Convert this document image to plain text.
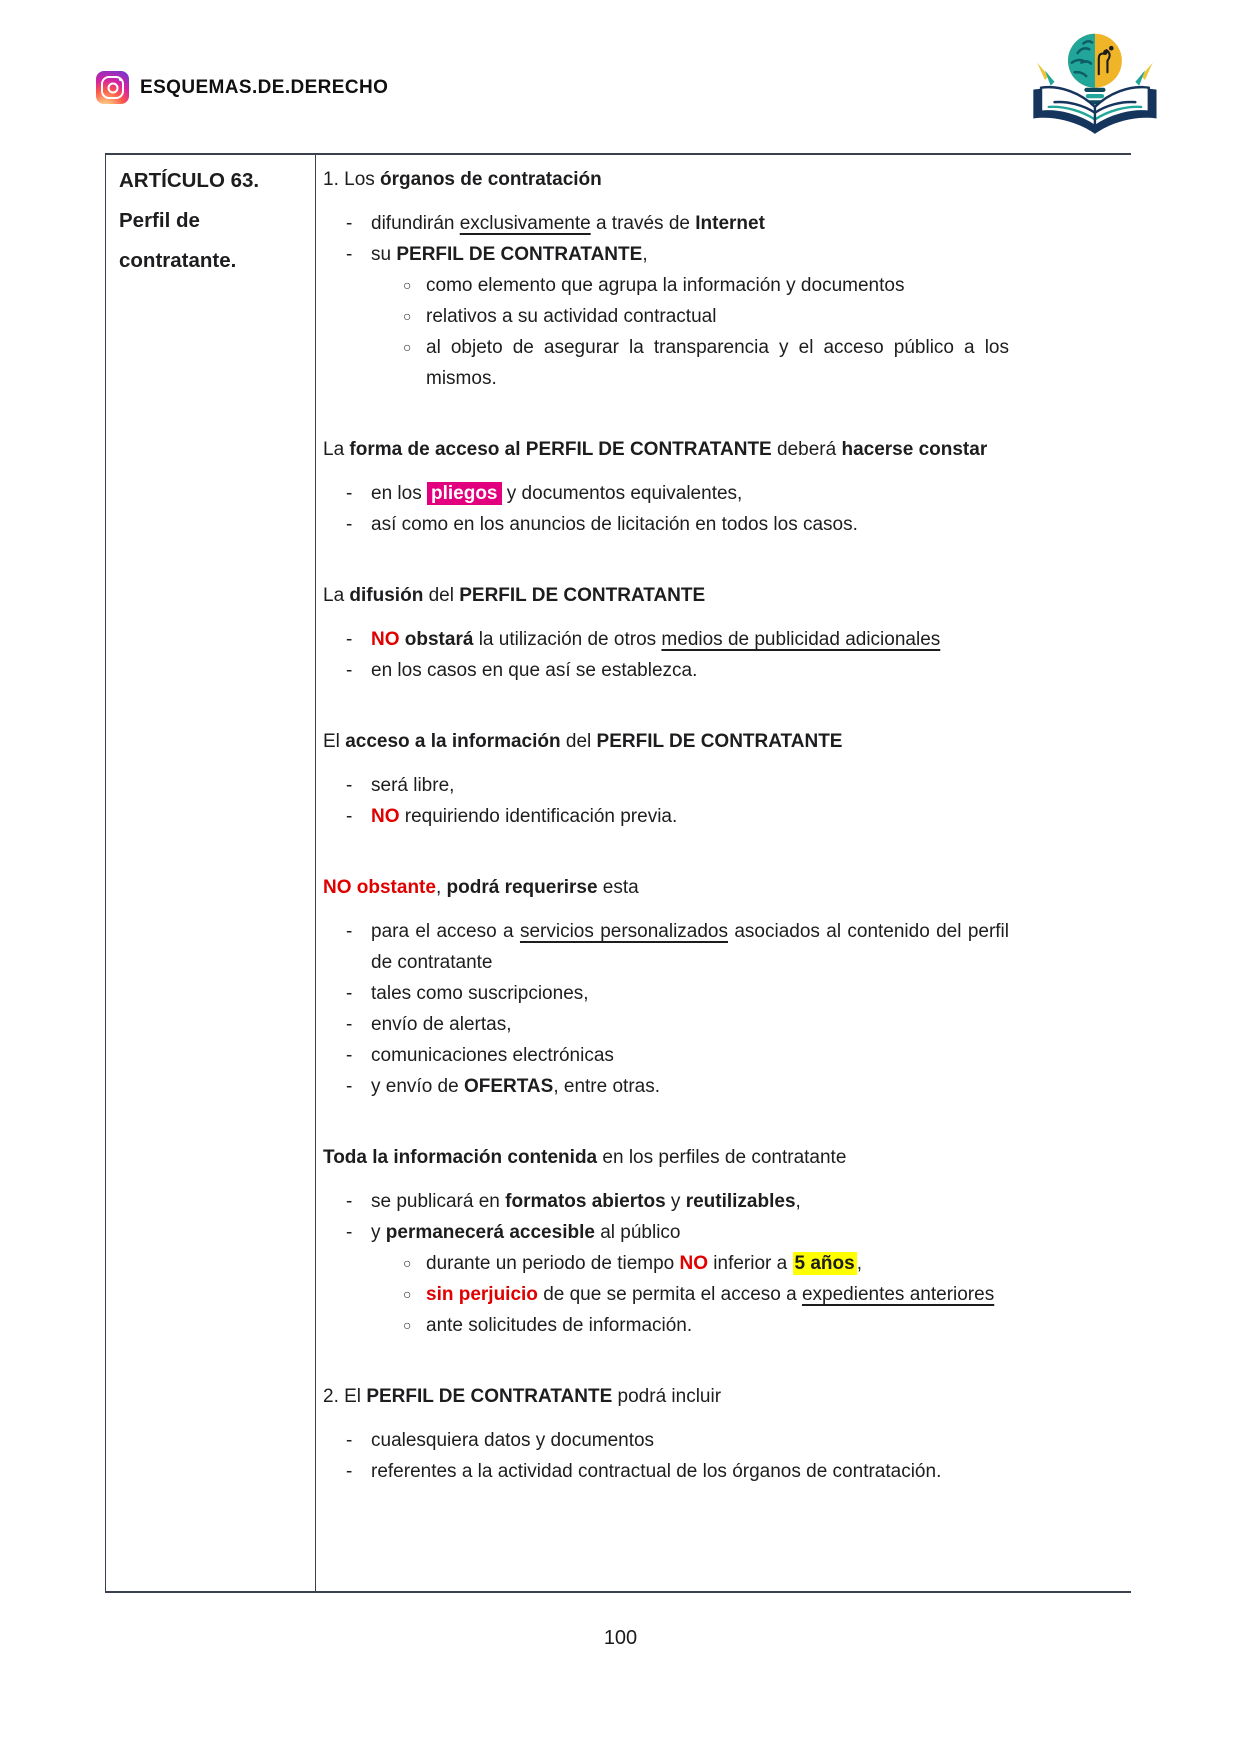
ESQUEMAS.DE.DERECHO
ARTÍCULO 63.
Perfil de
contratante.
1. Los órganos de contratación
- difundirán exclusivamente a través de Internet
- su PERFIL DE CONTRATANTE,
○ como elemento que agrupa la información y documentos
○ relativos a su actividad contractual
○ al objeto de asegurar la transparencia y el acceso público a los mismos.
La forma de acceso al PERFIL DE CONTRATANTE deberá hacerse constar
- en los pliegos y documentos equivalentes,
- así como en los anuncios de licitación en todos los casos.
La difusión del PERFIL DE CONTRATANTE
- NO obstará la utilización de otros medios de publicidad adicionales
- en los casos en que así se establezca.
El acceso a la información del PERFIL DE CONTRATANTE
- será libre,
- NO requiriendo identificación previa.
NO obstante, podrá requerirse esta
- para el acceso a servicios personalizados asociados al contenido del perfil de contratante
- tales como suscripciones,
- envío de alertas,
- comunicaciones electrónicas
- y envío de OFERTAS, entre otras.
Toda la información contenida en los perfiles de contratante
- se publicará en formatos abiertos y reutilizables,
- y permanecerá accesible al público
○ durante un periodo de tiempo NO inferior a 5 años ,
○ sin perjuicio de que se permita el acceso a expedientes anteriores
○ ante solicitudes de información.
2. El PERFIL DE CONTRATANTE podrá incluir
- cualesquiera datos y documentos
- referentes a la actividad contractual de los órganos de contratación.
100
